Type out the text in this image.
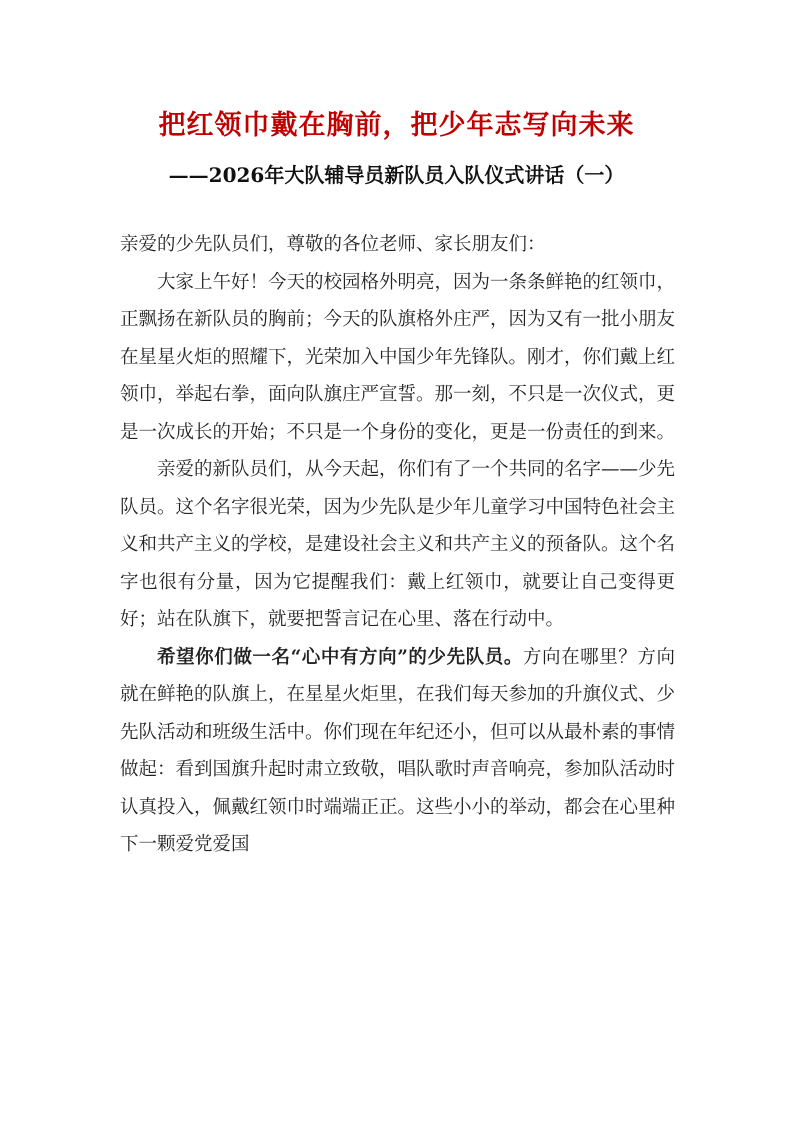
把红领巾戴在胸前，把少年志写向未来
——2026年大队辅导员新队员入队仪式讲话（一）

亲爱的少先队员们，尊敬的各位老师、家长朋友们：

大家上午好！今天的校园格外明亮，因为一条条鲜艳的红领巾，正飘扬在新队员的胸前；今天的队旗格外庄严，因为又有一批小朋友在星星火炬的照耀下，光荣加入中国少年先锋队。刚才，你们戴上红领巾，举起右拳，面向队旗庄严宣誓。那一刻，不只是一次仪式，更是一次成长的开始；不只是一个身份的变化，更是一份责任的到来。

亲爱的新队员们，从今天起，你们有了一个共同的名字——少先队员。这个名字很光荣，因为少先队是少年儿童学习中国特色社会主义和共产主义的学校，是建设社会主义和共产主义的预备队。这个名字也很有分量，因为它提醒我们：戴上红领巾，就要让自己变得更好；站在队旗下，就要把誓言记在心里、落在行动中。

希望你们做一名“心中有方向”的少先队员。方向在哪里？方向就在鲜艳的队旗上，在星星火炬里，在我们每天参加的升旗仪式、少先队活动和班级生活中。你们现在年纪还小，但可以从最朴素的事情做起：看到国旗升起时肃立致敬，唱队歌时声音响亮，参加队活动时认真投入，佩戴红领巾时端端正正。这些小小的举动，都会在心里种下一颗爱党爱国
